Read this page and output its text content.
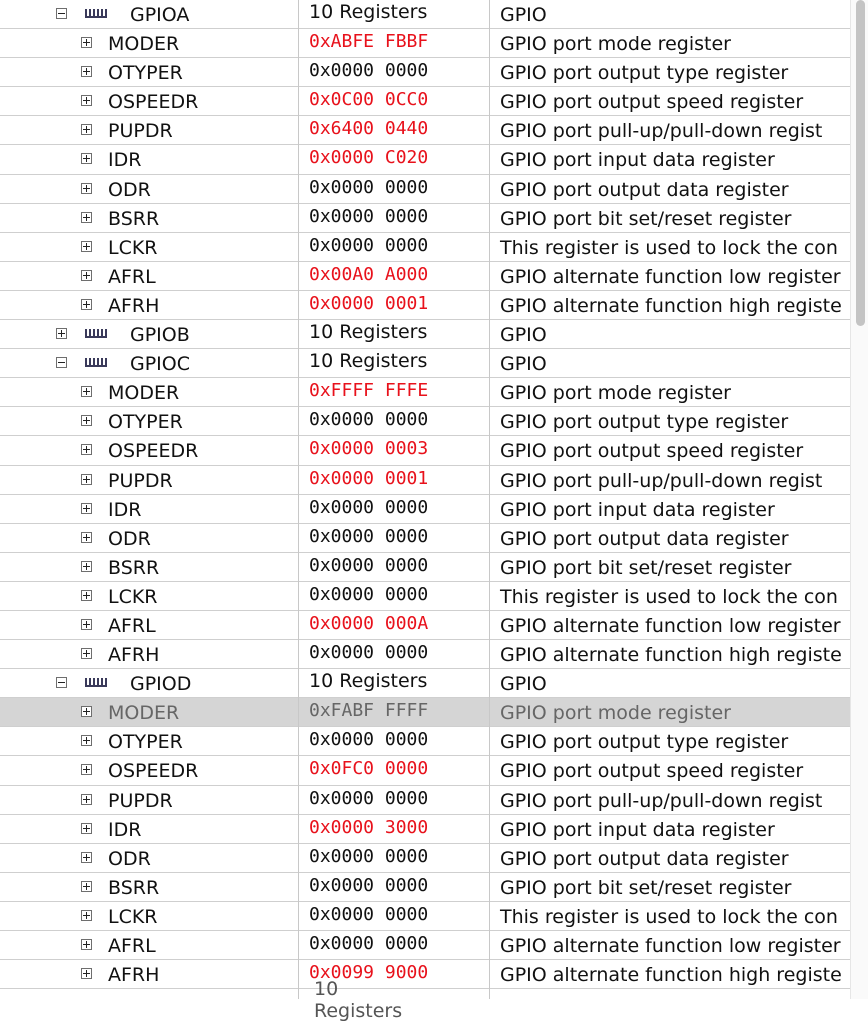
GPIOA	10 Registers	GPIO
MODER	0xABFE FBBF	GPIO port mode register
OTYPER	0x0000 0000	GPIO port output type register
OSPEEDR	0x0C00 0CC0	GPIO port output speed register
PUPDR	0x6400 0440	GPIO port pull-up/pull-down regist
IDR	0x0000 C020	GPIO port input data register
ODR	0x0000 0000	GPIO port output data register
BSRR	0x0000 0000	GPIO port bit set/reset register
LCKR	0x0000 0000	This register is used to lock the con
AFRL	0x00A0 A000	GPIO alternate function low register
AFRH	0x0000 0001	GPIO alternate function high registe
GPIOB	10 Registers	GPIO
GPIOC	10 Registers	GPIO
MODER	0xFFFF FFFE	GPIO port mode register
OTYPER	0x0000 0000	GPIO port output type register
OSPEEDR	0x0000 0003	GPIO port output speed register
PUPDR	0x0000 0001	GPIO port pull-up/pull-down regist
IDR	0x0000 0000	GPIO port input data register
ODR	0x0000 0000	GPIO port output data register
BSRR	0x0000 0000	GPIO port bit set/reset register
LCKR	0x0000 0000	This register is used to lock the con
AFRL	0x0000 000A	GPIO alternate function low register
AFRH	0x0000 0000	GPIO alternate function high registe
GPIOD	10 Registers	GPIO
MODER	0xFABF FFFF	GPIO port mode register
OTYPER	0x0000 0000	GPIO port output type register
OSPEEDR	0x0FC0 0000	GPIO port output speed register
PUPDR	0x0000 0000	GPIO port pull-up/pull-down regist
IDR	0x0000 3000	GPIO port input data register
ODR	0x0000 0000	GPIO port output data register
BSRR	0x0000 0000	GPIO port bit set/reset register
LCKR	0x0000 0000	This register is used to lock the con
AFRL	0x0000 0000	GPIO alternate function low register
AFRH	0x0099 9000	GPIO alternate function high registe
10 Registers
